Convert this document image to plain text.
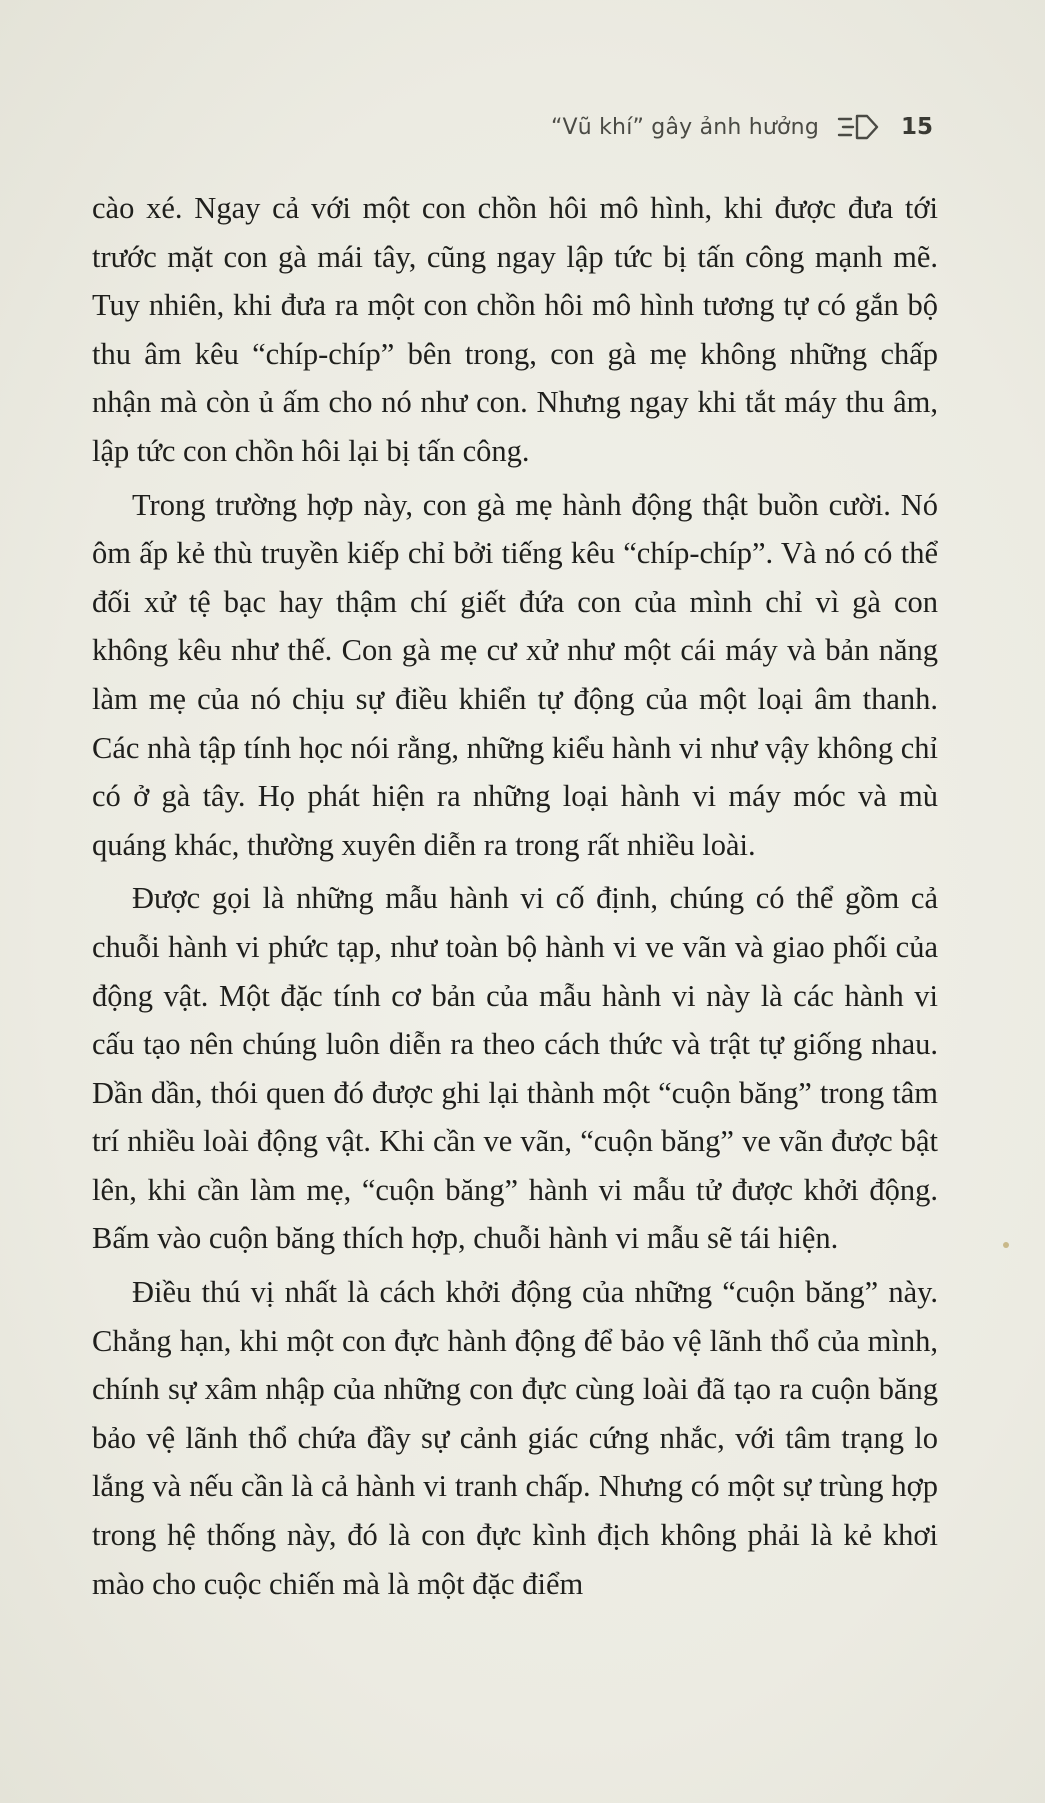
“Vũ khí” gây ảnh hưởng	15

cào xé. Ngay cả với một con chồn hôi mô hình, khi được đưa tới trước mặt con gà mái tây, cũng ngay lập tức bị tấn công mạnh mẽ. Tuy nhiên, khi đưa ra một con chồn hôi mô hình tương tự có gắn bộ thu âm kêu “chíp-chíp” bên trong, con gà mẹ không những chấp nhận mà còn ủ ấm cho nó như con. Nhưng ngay khi tắt máy thu âm, lập tức con chồn hôi lại bị tấn công.

Trong trường hợp này, con gà mẹ hành động thật buồn cười. Nó ôm ấp kẻ thù truyền kiếp chỉ bởi tiếng kêu “chíp-chíp”. Và nó có thể đối xử tệ bạc hay thậm chí giết đứa con của mình chỉ vì gà con không kêu như thế. Con gà mẹ cư xử như một cái máy và bản năng làm mẹ của nó chịu sự điều khiển tự động của một loại âm thanh. Các nhà tập tính học nói rằng, những kiểu hành vi như vậy không chỉ có ở gà tây. Họ phát hiện ra những loại hành vi máy móc và mù quáng khác, thường xuyên diễn ra trong rất nhiều loài.

Được gọi là những mẫu hành vi cố định, chúng có thể gồm cả chuỗi hành vi phức tạp, như toàn bộ hành vi ve vãn và giao phối của động vật. Một đặc tính cơ bản của mẫu hành vi này là các hành vi cấu tạo nên chúng luôn diễn ra theo cách thức và trật tự giống nhau. Dần dần, thói quen đó được ghi lại thành một “cuộn băng” trong tâm trí nhiều loài động vật. Khi cần ve vãn, “cuộn băng” ve vãn được bật lên, khi cần làm mẹ, “cuộn băng” hành vi mẫu tử được khởi động. Bấm vào cuộn băng thích hợp, chuỗi hành vi mẫu sẽ tái hiện.

Điều thú vị nhất là cách khởi động của những “cuộn băng” này. Chẳng hạn, khi một con đực hành động để bảo vệ lãnh thổ của mình, chính sự xâm nhập của những con đực cùng loài đã tạo ra cuộn băng bảo vệ lãnh thổ chứa đầy sự cảnh giác cứng nhắc, với tâm trạng lo lắng và nếu cần là cả hành vi tranh chấp. Nhưng có một sự trùng hợp trong hệ thống này, đó là con đực kình địch không phải là kẻ khơi mào cho cuộc chiến mà là một đặc điểm
